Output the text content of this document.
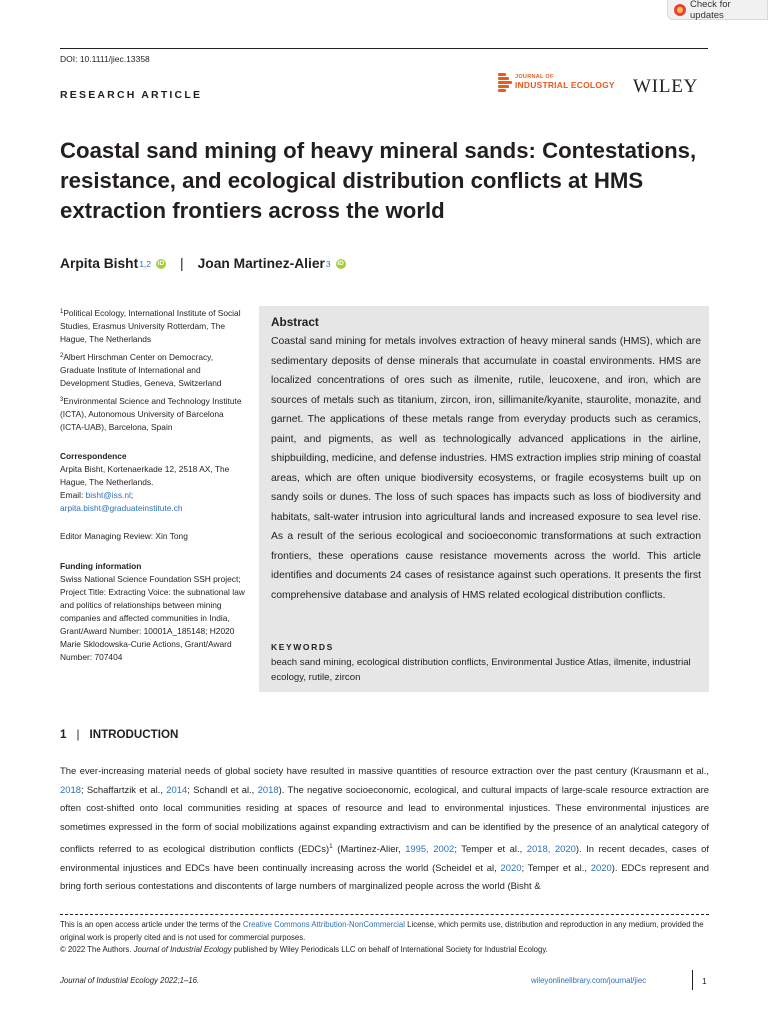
Check for updates
DOI: 10.1111/jiec.13358
RESEARCH ARTICLE
JOURNAL OF
INDUSTRIAL ECOLOGY WILEY
Coastal sand mining of heavy mineral sands: Contestations, resistance, and ecological distribution conflicts at HMS extraction frontiers across the world
Arpita Bisht 1,2 iD | Joan Martinez-Alier 3 iD
$^1$Political Ecology, International Institute of Social Studies, Erasmus University Rotterdam, The Hague, The Netherlands
$^2$Albert Hirschman Center on Democracy, Graduate Institute of International and Development Studies, Geneva, Switzerland
$^3$Environmental Science and Technology Institute (ICTA), Autonomous University of Barcelona (ICTA-UAB), Barcelona, Spain
Correspondence
Arpita Bisht, Kortenaerkade 12, 2518 AX, The Hague, The Netherlands.
Email: bisht@iss.nl;
arpita.bisht@graduateinstitute.ch
Editor Managing Review: Xin Tong
Funding information
Swiss National Science Foundation SSH project; Project Title: Extracting Voice: the subnational law and politics of relationships between mining companies and affected communities in India, Grant/Award Number: 10001A_185148; H2020 Marie Sklodowska-Curie Actions, Grant/Award Number: 707404
Abstract
Coastal sand mining for metals involves extraction of heavy mineral sands (HMS), which are sedimentary deposits of dense minerals that accumulate in coastal environments. HMS are localized concentrations of ores such as ilmenite, rutile, leucoxene, and iron, which are sources of metals such as titanium, zircon, iron, sillimanite/kyanite, staurolite, monazite, and garnet. The applications of these metals range from everyday products such as ceramics, paint, and pigments, as well as technologically advanced applications in the airline, shipbuilding, medicine, and defense industries. HMS extraction implies strip mining of coastal areas, which are often unique biodiversity ecosystems, or fragile ecosystems built up on sandy soils or dunes. The loss of such spaces has impacts such as loss of biodiversity and habitats, salt-water intrusion into agricultural lands and increased exposure to sea level rise. As a result of the serious ecological and socioeconomic transformations at such extraction frontiers, these operations cause resistance movements across the world. This article identifies and documents 24 cases of resistance against such operations. It presents the first comprehensive database and analysis of HMS related ecological distribution conflicts.
KEYWORDS
beach sand mining, ecological distribution conflicts, Environmental Justice Atlas, ilmenite, industrial ecology, rutile, zircon
1 | INTRODUCTION
The ever-increasing material needs of global society have resulted in massive quantities of resource extraction over the past century (Krausmann et al., 2018; Schaffartzik et al., 2014; Schandl et al., 2018). The negative socioeconomic, ecological, and cultural impacts of large-scale resource extraction are often cost-shifted onto local communities residing at spaces of resource and lead to environmental injustices. These environmental injustices are sometimes expressed in the form of social mobilizations against expanding extractivism and can be identified by the presence of an analytical category of conflicts referred to as ecological distribution conflicts (EDCs)$^1$ (Martinez-Alier, 1995, 2002; Temper et al., 2018, 2020). In recent decades, cases of environmental injustices and EDCs have been continually increasing across the world (Scheidel et al, 2020; Temper et al., 2020). EDCs represent and bring forth serious contestations and discontents of large numbers of marginalized people across the world (Bisht &
This is an open access article under the terms of the Creative Commons Attribution-NonCommercial License, which permits use, distribution and reproduction in any medium, provided the original work is properly cited and is not used for commercial purposes.
© 2022 The Authors. Journal of Industrial Ecology published by Wiley Periodicals LLC on behalf of International Society for Industrial Ecology.
Journal of Industrial Ecology 2022;1–16.	wileyonlinelibrary.com/journal/jiec	1
